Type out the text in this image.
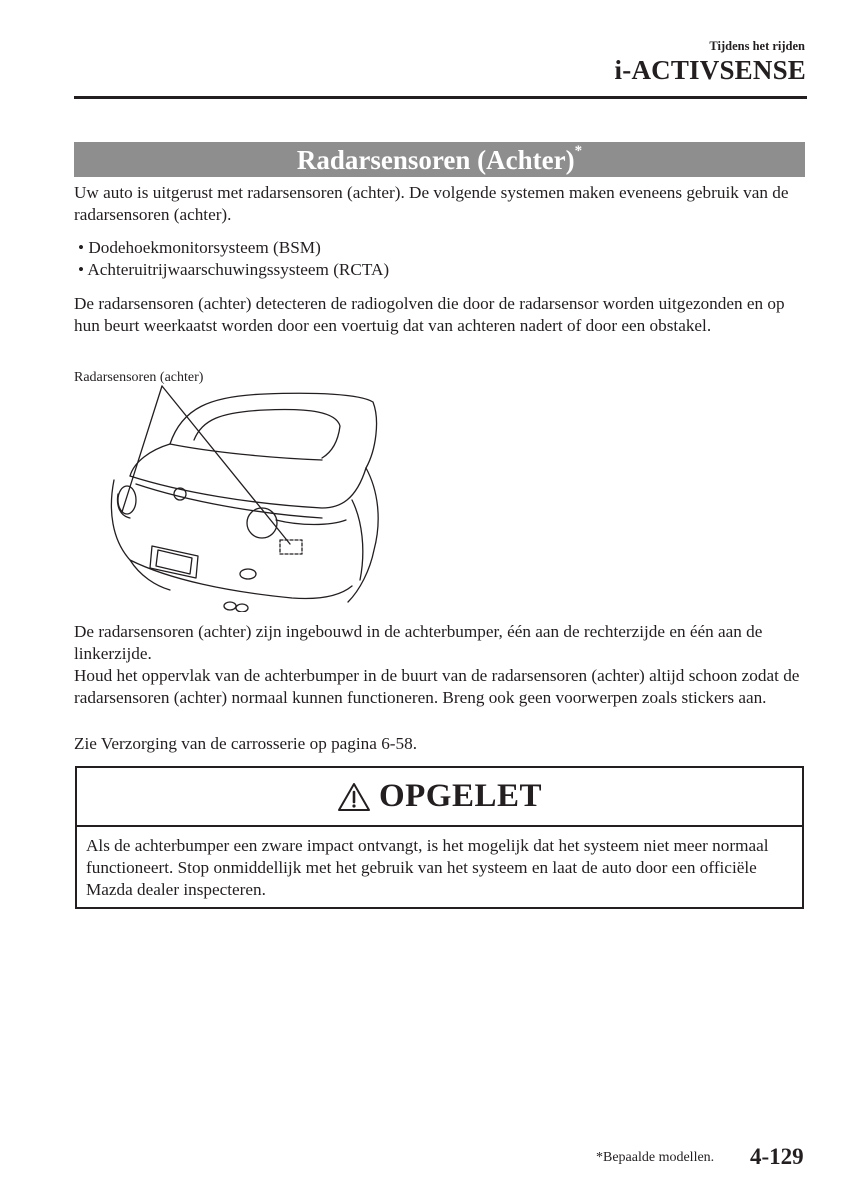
Tijdens het rijden
i-ACTIVSENSE
Radarsensoren (Achter)*
Uw auto is uitgerust met radarsensoren (achter). De volgende systemen maken eveneens gebruik van de radarsensoren (achter).
• Dodehoekmonitorsysteem (BSM)
• Achteruitrijwaarschuwingssysteem (RCTA)
De radarsensoren (achter) detecteren de radiogolven die door de radarsensor worden uitgezonden en op hun beurt weerkaatst worden door een voertuig dat van achteren nadert of door een obstakel.
Radarsensoren (achter)
De radarsensoren (achter) zijn ingebouwd in de achterbumper, één aan de rechterzijde en één aan de linkerzijde.
Houd het oppervlak van de achterbumper in de buurt van de radarsensoren (achter) altijd schoon zodat de radarsensoren (achter) normaal kunnen functioneren. Breng ook geen voorwerpen zoals stickers aan.
Zie Verzorging van de carrosserie op pagina 6-58.
OPGELET
Als de achterbumper een zware impact ontvangt, is het mogelijk dat het systeem niet meer normaal functioneert. Stop onmiddellijk met het gebruik van het systeem en laat de auto door een officiële Mazda dealer inspecteren.
*Bepaalde modellen. 4-129
